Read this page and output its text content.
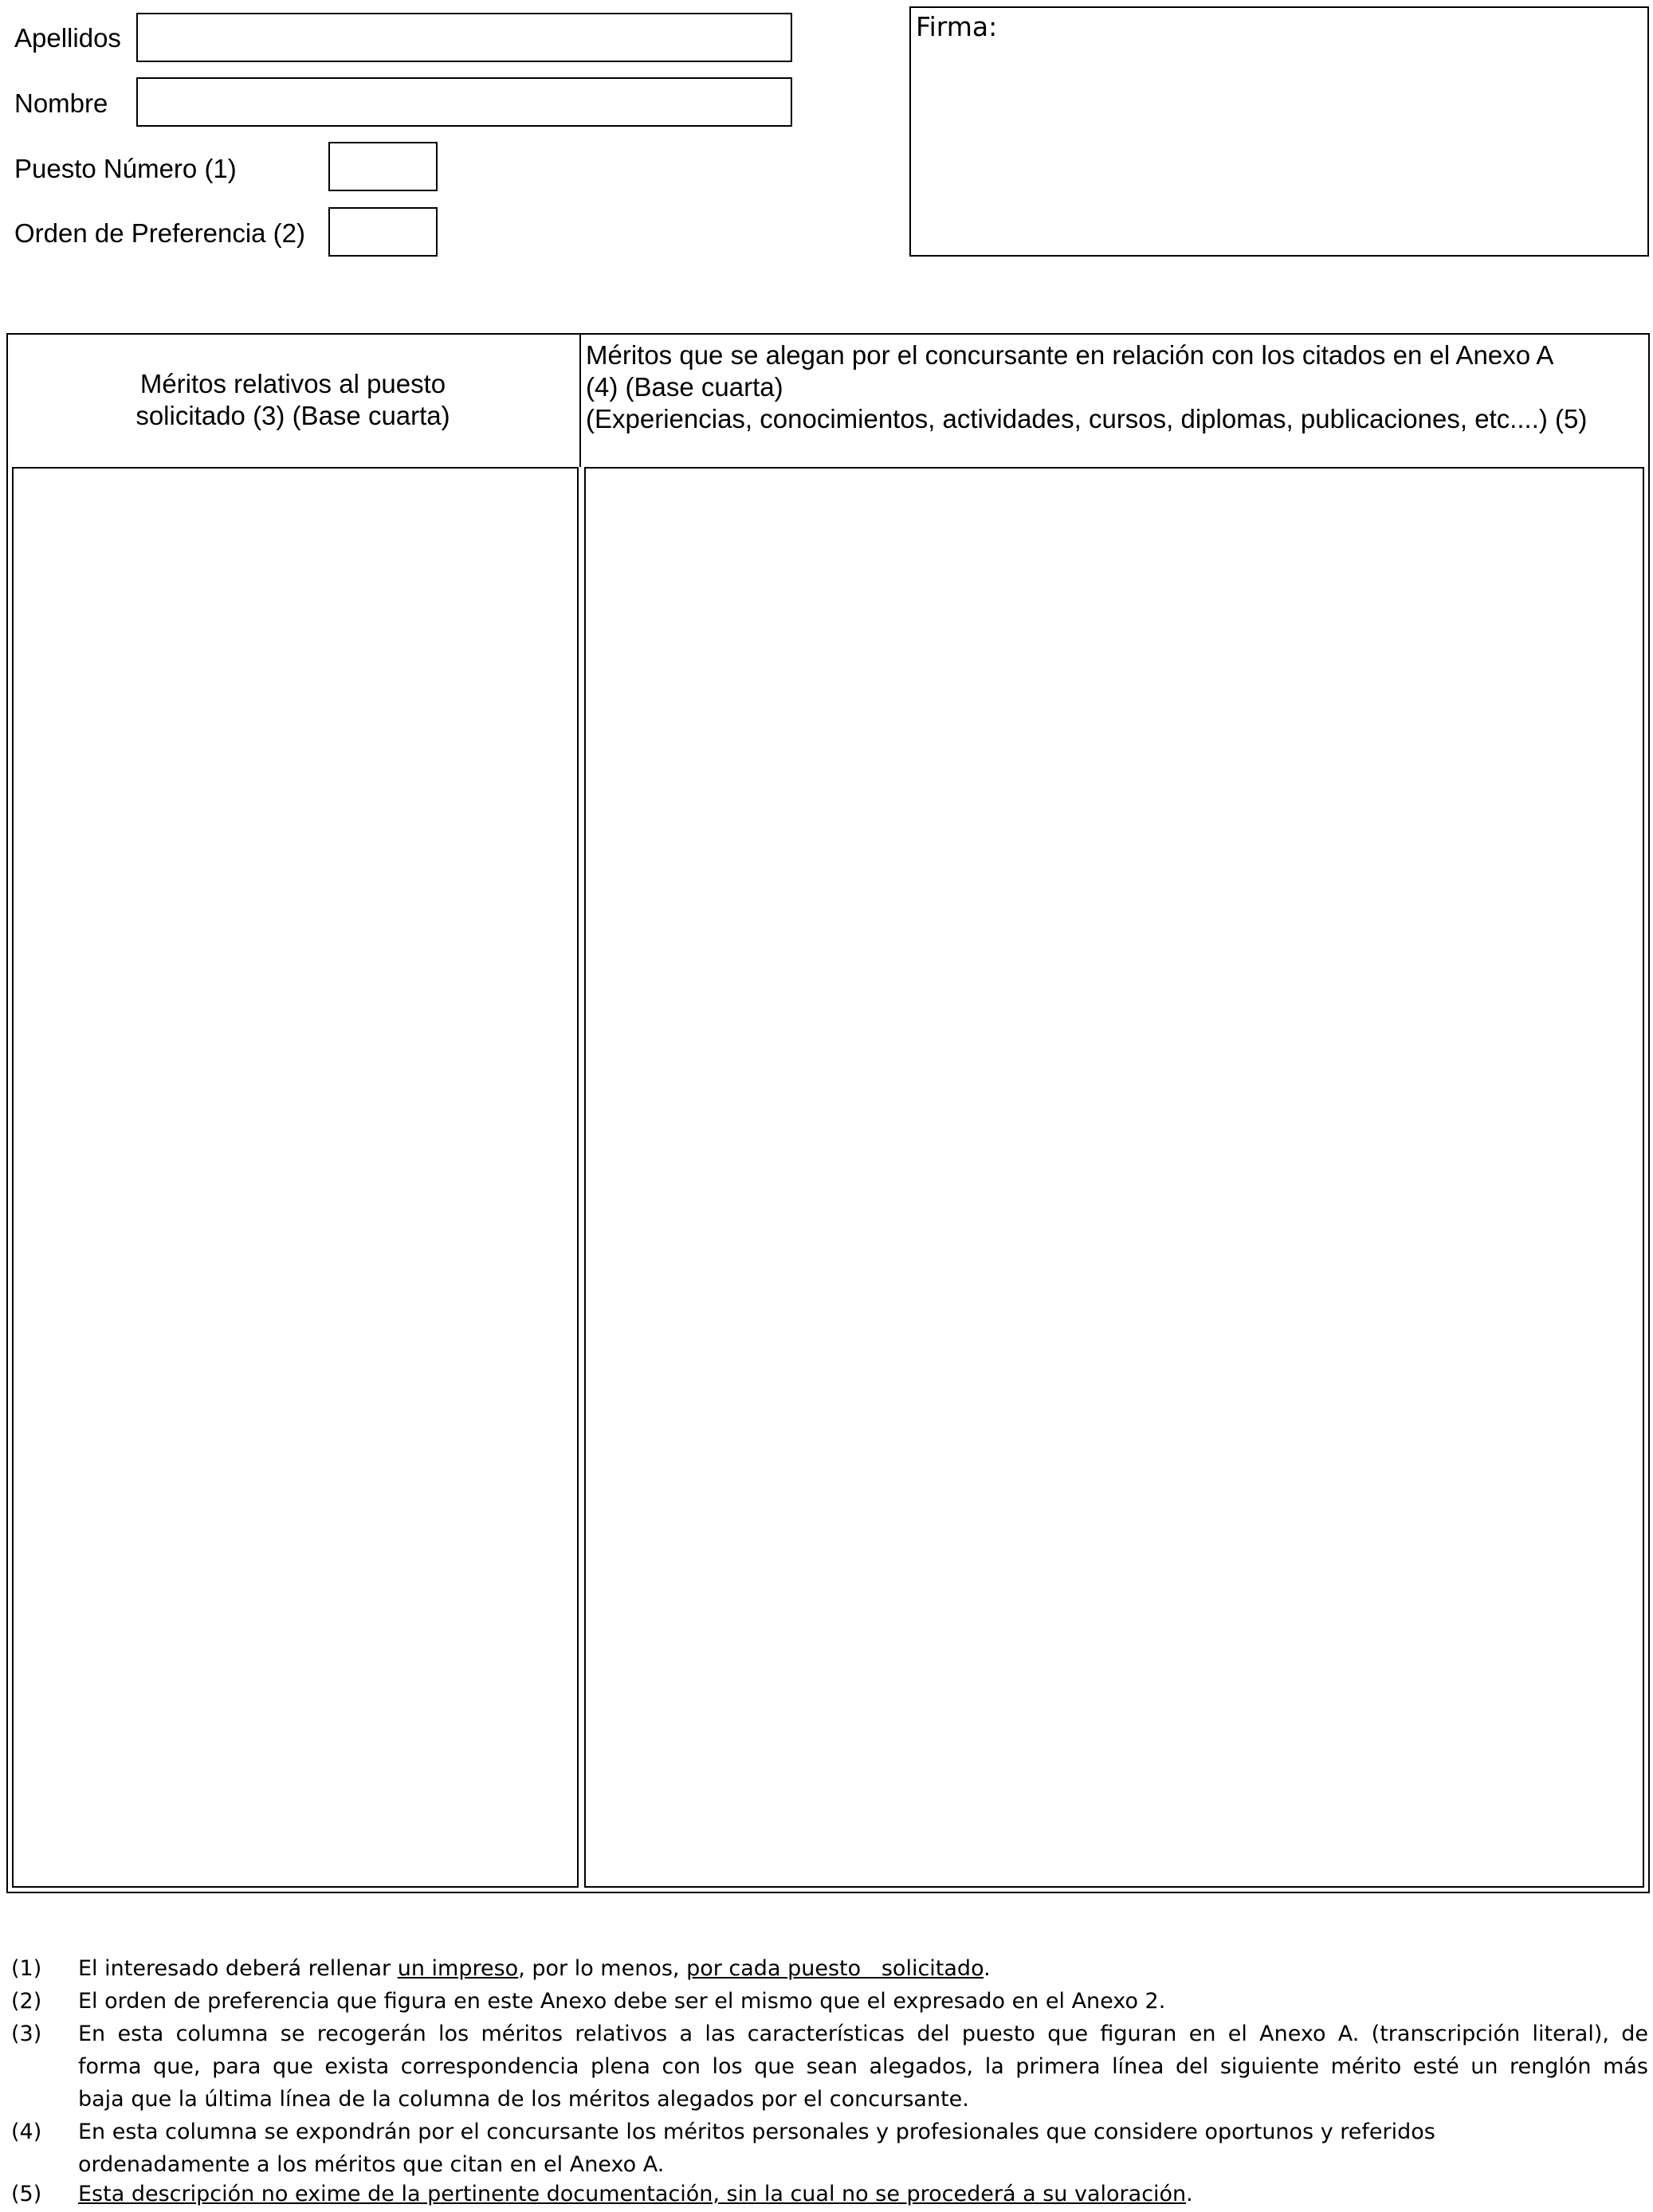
Apellidos
Nombre
Puesto Número (1)
Orden de Preferencia (2)
Firma:
Méritos relativos al puesto solicitado (3) (Base cuarta)
Méritos que se alegan por el concursante en relación con los citados en el Anexo A
(4) (Base cuarta)
(Experiencias, conocimientos, actividades, cursos, diplomas, publicaciones, etc....) (5)
(1) El interesado deberá rellenar un impreso, por lo menos, por cada puesto   solicitado.
(2) El orden de preferencia que figura en este Anexo debe ser el mismo que el expresado en el Anexo 2.
(3) En esta columna se recogerán los méritos relativos a las características del puesto que figuran en el Anexo A. (transcripción literal), de
forma que, para que exista correspondencia plena con los que sean alegados, la primera línea del siguiente mérito esté un renglón más
baja que la última línea de la columna de los méritos alegados por el concursante.
(4) En esta columna se expondrán por el concursante los méritos personales y profesionales que considere oportunos y referidos
ordenadamente a los méritos que citan en el Anexo A.
(5) Esta descripción no exime de la pertinente documentación, sin la cual no se procederá a su valoración.
